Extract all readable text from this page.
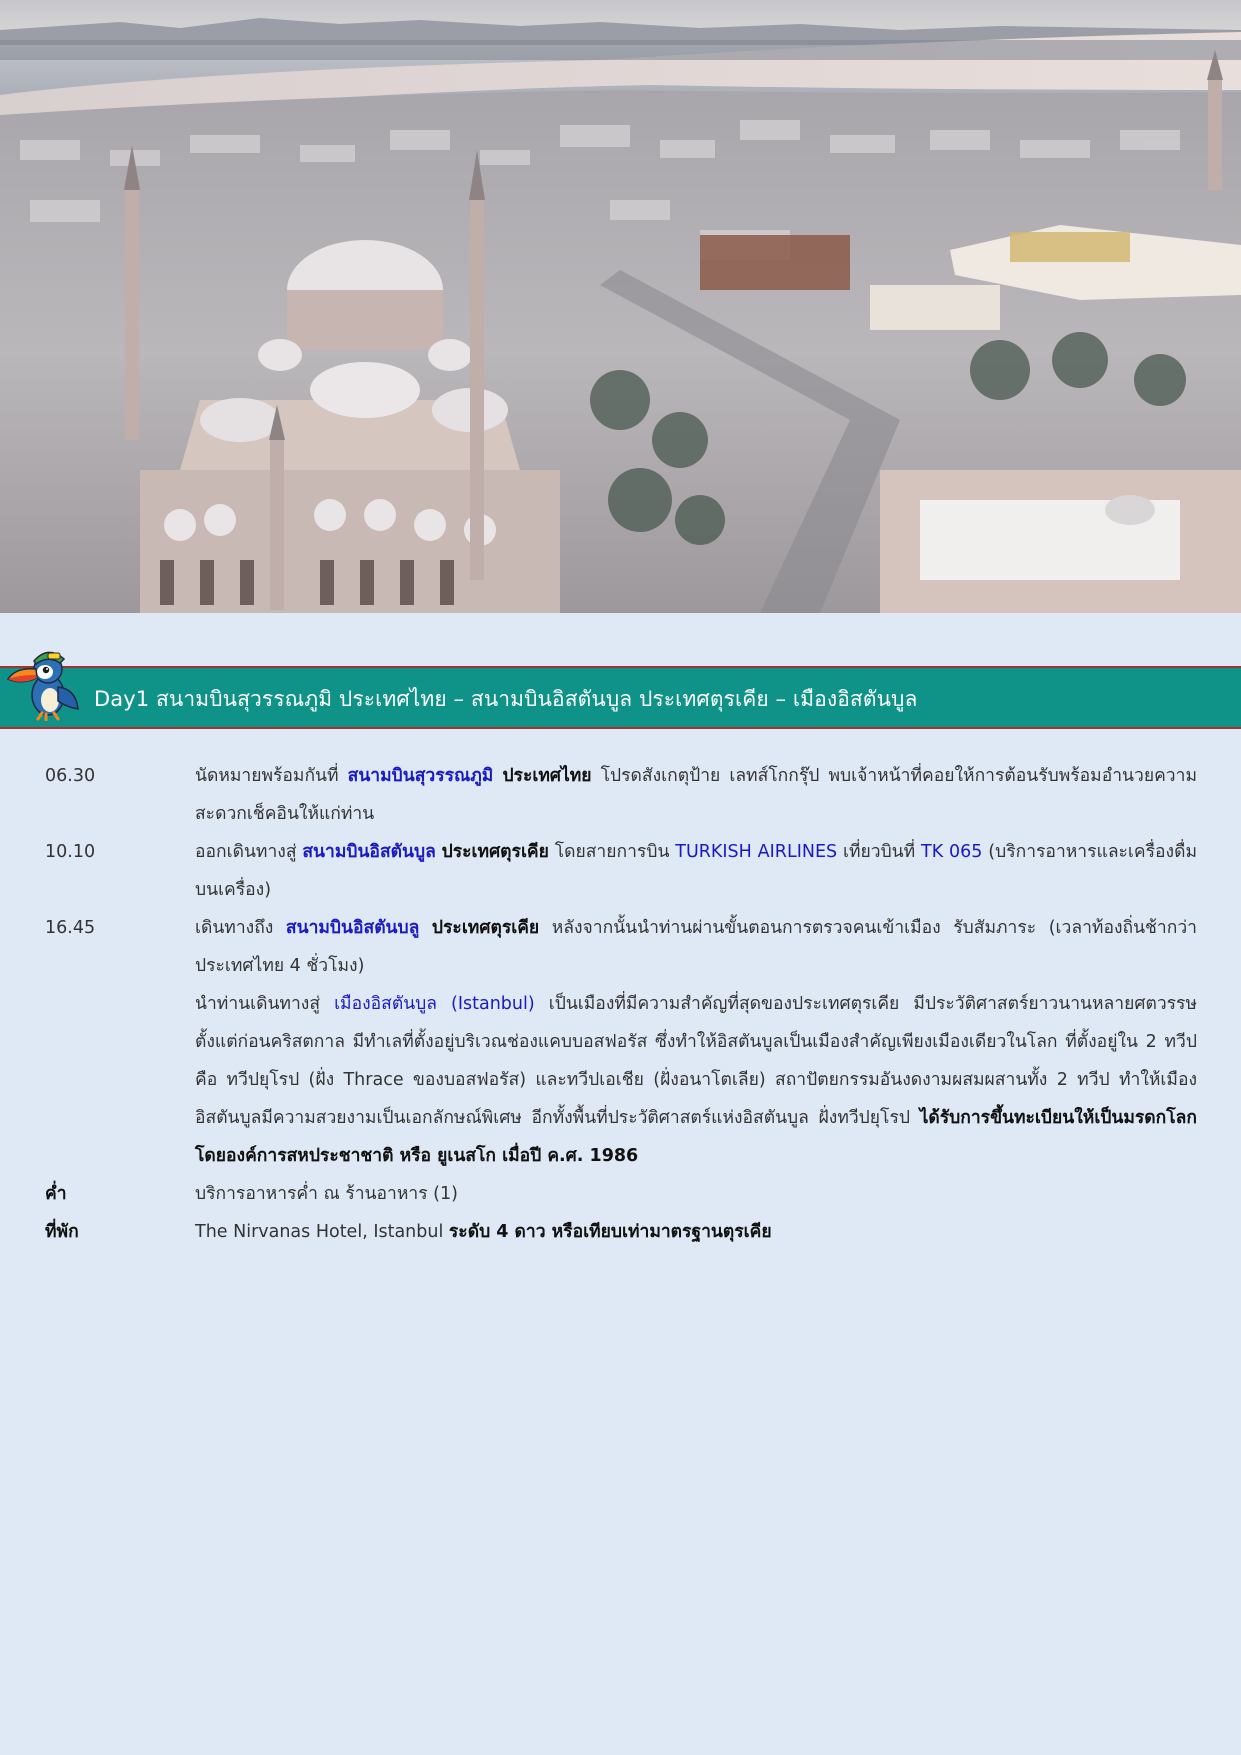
Day1 สนามบินสุวรรณภูมิ ประเทศไทย – สนามบินอิสตันบูล ประเทศตุรเคีย – เมืองอิสตันบูล
06.30	นัดหมายพร้อมกันที่ สนามบินสุวรรณภูมิ ประเทศไทย โปรดสังเกตุป้าย เลทส์โกกรุ๊ป พบเจ้าหน้าที่คอยให้การต้อนรับพร้อมอำนวยความสะดวกเช็คอินให้แก่ท่าน
10.10	ออกเดินทางสู่ สนามบินอิสตันบูล ประเทศตุรเคีย โดยสายการบิน TURKISH AIRLINES เที่ยวบินที่ TK 065 (บริการอาหารและเครื่องดื่มบนเครื่อง)
16.45	เดินทางถึง สนามบินอิสตันบลู ประเทศตุรเคีย หลังจากนั้นนำท่านผ่านขั้นตอนการตรวจคนเข้าเมือง รับสัมภาระ (เวลาท้องถิ่นช้ากว่าประเทศไทย 4 ชั่วโมง)
นำท่านเดินทางสู่ เมืองอิสตันบูล (Istanbul) เป็นเมืองที่มีความสำคัญที่สุดของประเทศตุรเคีย มีประวัติศาสตร์ยาวนานหลายศตวรรษ ตั้งแต่ก่อนคริสตกาล มีทำเลที่ตั้งอยู่บริเวณช่องแคบบอสฟอรัส ซึ่งทำให้อิสตันบูลเป็นเมืองสำคัญเพียงเมืองเดียวในโลก ที่ตั้งอยู่ใน 2 ทวีป คือ ทวีปยุโรป (ฝั่ง Thrace ของบอสฟอรัส) และทวีปเอเชีย (ฝั่งอนาโตเลีย) สถาปัตยกรรมอันงดงามผสมผสานทั้ง 2 ทวีป ทำให้เมืองอิสตันบูลมีความสวยงามเป็นเอกลักษณ์พิเศษ อีกทั้งพื้นที่ประวัติศาสตร์แห่งอิสตันบูล ฝั่งทวีปยุโรป ได้รับการขึ้นทะเบียนให้เป็นมรดกโลกโดยองค์การสหประชาชาติ หรือ ยูเนสโก เมื่อปี ค.ศ. 1986
ค่ำ	บริการอาหารค่ำ ณ ร้านอาหาร (1)
ที่พัก	The Nirvanas Hotel, Istanbul ระดับ 4 ดาว หรือเทียบเท่ามาตรฐานตุรเคีย
